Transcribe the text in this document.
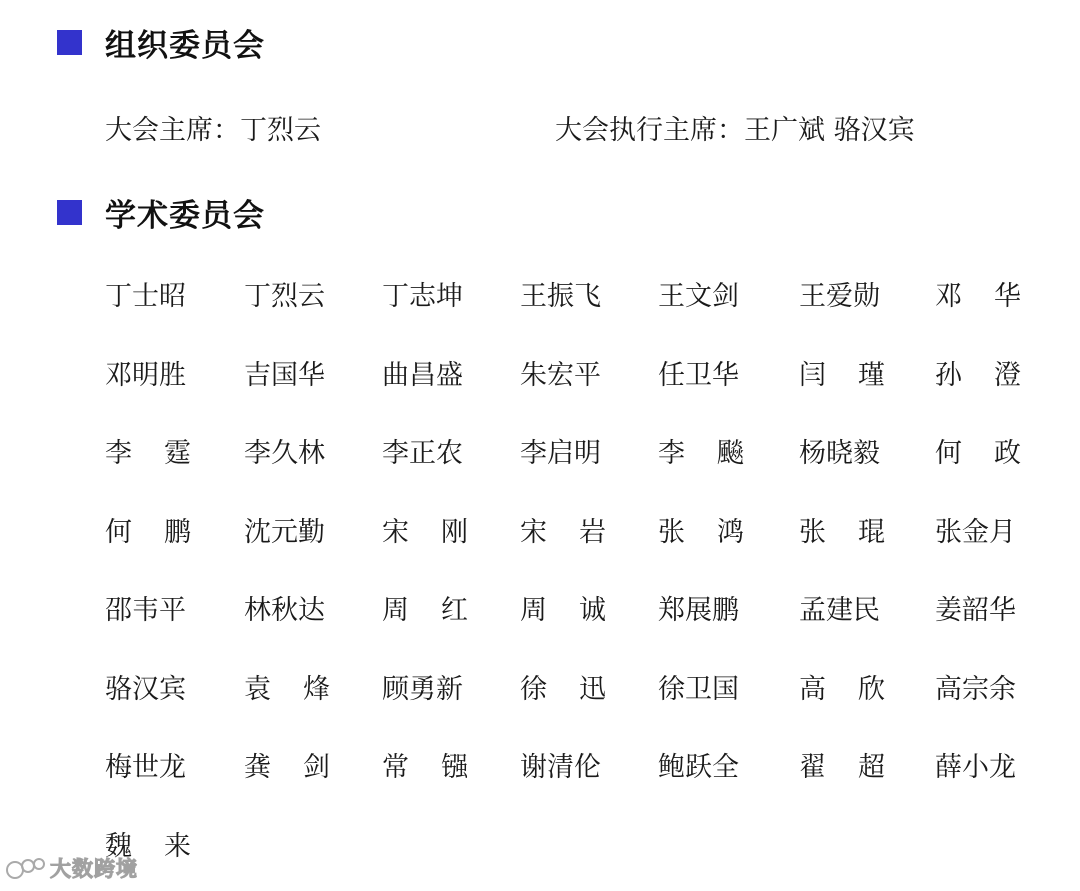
组织委员会
大会主席：丁烈云	大会执行主席：王广斌 骆汉宾
学术委员会
丁士昭 丁烈云 丁志坤 王振飞 王文剑 王爱勋 邓 华
邓明胜 吉国华 曲昌盛 朱宏平 任卫华 闫 瑾 孙 澄
李 霆 李久林 李正农 李启明 李 飈 杨晓毅 何 政
何 鹏 沈元勤 宋 刚 宋 岩 张 鸿 张 琨 张金月
邵韦平 林秋达 周 红 周 诚 郑展鹏 孟建民 姜韶华
骆汉宾 袁 烽 顾勇新 徐 迅 徐卫国 高 欣 高宗余
梅世龙 龚 剑 常 镪 谢清伦 鲍跃全 翟 超 薛小龙
魏 来
大数跨境
